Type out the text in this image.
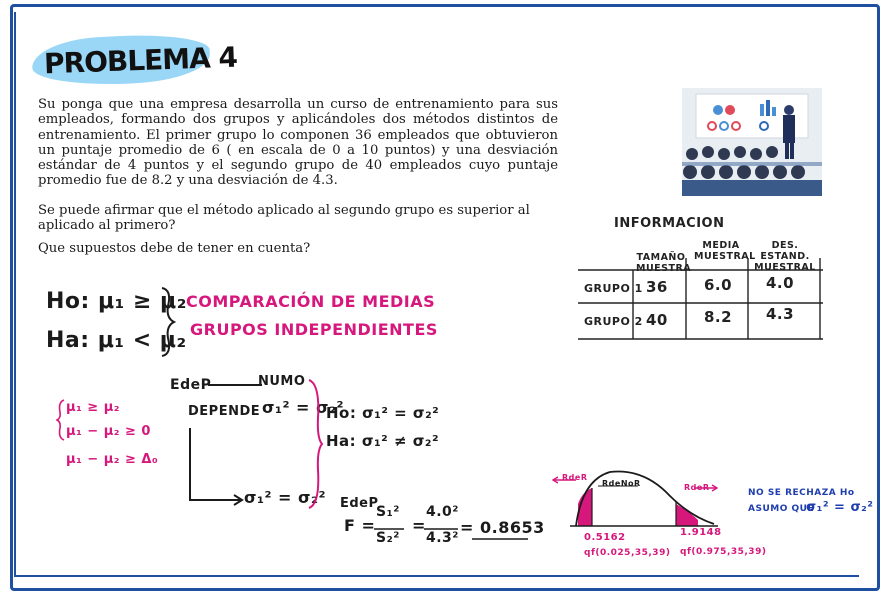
PROBLEMA 4

Su ponga que una empresa desarrolla un curso de entrenamiento para sus empleados, formando dos grupos y aplicándoles dos métodos distintos de entrenamiento. El primer grupo lo componen 36 empleados que obtuvieron un puntaje promedio de 6 ( en escala de 0 a 10 puntos) y una desviación estándar de 4 puntos y el segundo grupo de 40 empleados cuyo puntaje promedio fue de 8.2 y una desviación de 4.3.

Se puede afirmar que el método aplicado al segundo grupo es superior al aplicado al primero?

Que supuestos debe de tener en cuenta?

INFORMACION
TAMAÑO MUESTRA
MEDIA MUESTRAL
DES. ESTAND. MUESTRAL
GRUPO 1
GRUPO 2
36 6.0 4.0
40 8.2 4.3
Ho: μ₁ ≥ μ₂
Ha: μ₁ < μ₂
COMPARACIÓN DE MEDIAS
GRUPOS INDEPENDIENTES
μ₁ ≥ μ₂
μ₁ − μ₂ ≥ 0
μ₁ − μ₂ ≥ Δ₀
EdeP	NUMO
DEPENDE σ₁² = σ₂²
σ₁² = σ₂²
Ho: σ₁² = σ₂²
Ha: σ₁² ≠ σ₂²
EdeP
F =
S₁²
S₂²
=
4.0²
4.3²
= 0.8653
RdeR
RdeNoR	RdeR
0.5162
qf(0.025,35,39)
1.9148
qf(0.975,35,39)
NO SE RECHAZA Ho
ASUMO QUE
σ₁² = σ₂²
